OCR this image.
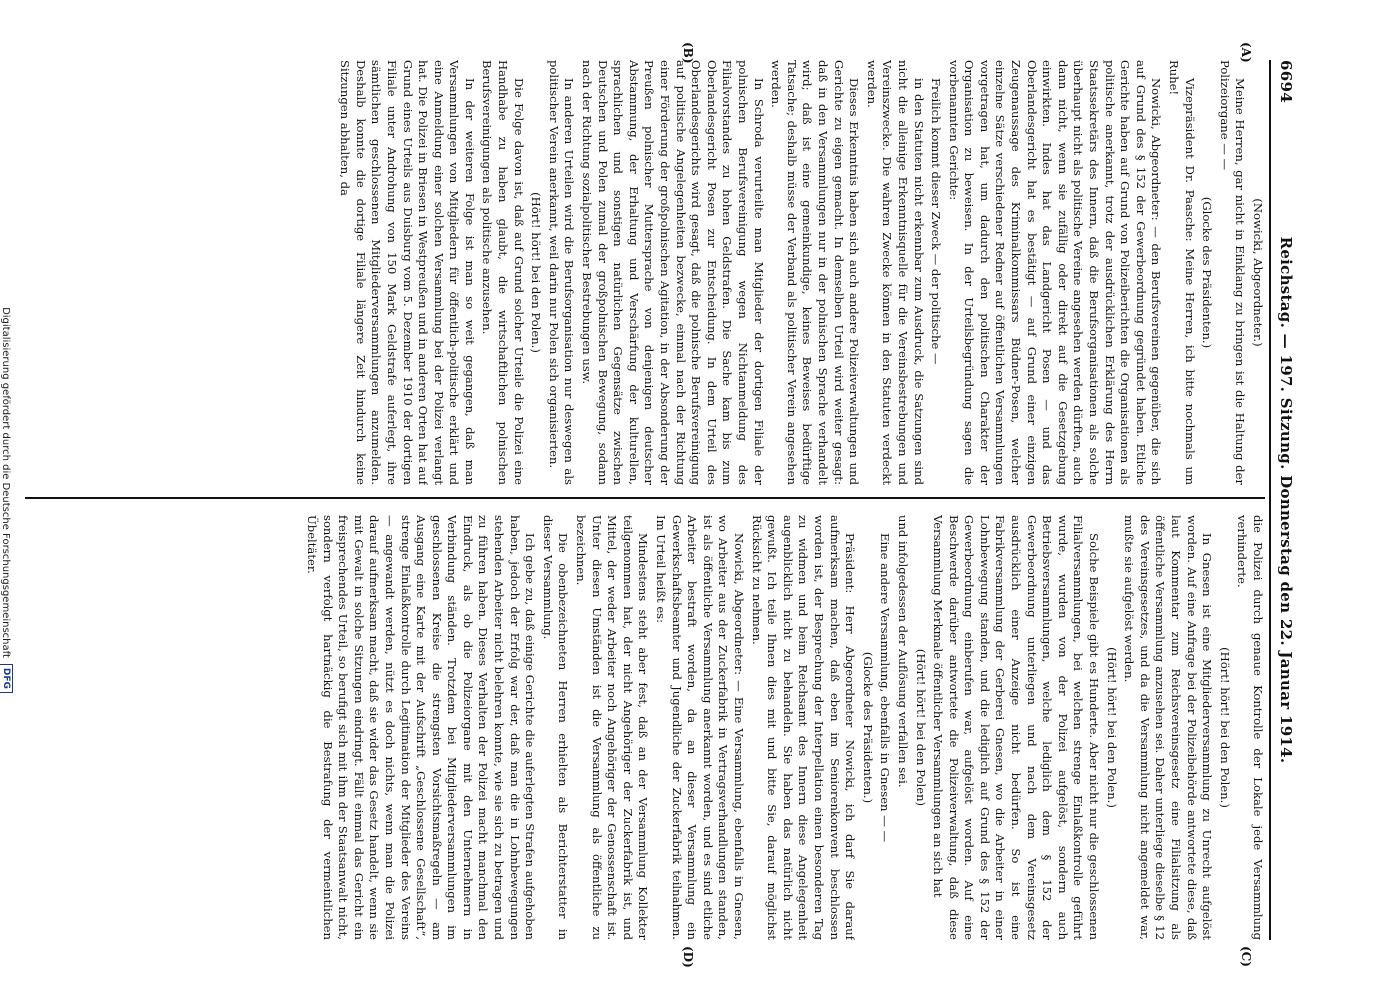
6694
Reichstag. — 197. Sitzung. Donnerstag den 22. Januar 1914.
(A)
(B)
(C)
(D)

(Nowicki, Abgeordneter.)

Meine Herren, gar nicht in Einklang zu bringen ist die Haltung der Polizeiorgane — —

(Glocke des Präsidenten.)

Vizepräsident Dr. Paasche: Meine Herren, ich bitte nochmals um Ruhe!

Nowicki, Abgeordneter: — den Berufsvereinen gegenüber, die sich auf Grund des § 152 der Gewerbeordnung gegründet haben. Etliche Gerichte haben auf Grund von Polizeiberichten die Organisationen als politische anerkannt, trotz der ausdrücklichen Erklärung des Herrn Staatssekretärs des Innern, daß die Berufsorganisationen als solche überhaupt nicht als politische Vereine angesehen werden dürften, auch dann nicht, wenn sie zufällig oder direkt auf die Gesetzgebung einwirkten. Indes hat das Landgericht Posen — und das Oberlandesgericht hat es bestätigt — auf Grund einer einzigen Zeugenaussage des Kriminalkommissars Büdner-Posen, welcher einzelne Sätze verschiedener Redner auf öffentlichen Versammlungen vorgetragen hat, um dadurch den politischen Charakter der Organisation zu beweisen. In der Urteilsbegründung sagen die vorbenannten Gerichte:

Freilich kommt dieser Zweck — der politische —

in den Statuten nicht erkennbar zum Ausdruck, die Satzungen sind nicht die alleinige Erkenntnisquelle für die Vereinsbestrebungen und Vereinszwecke. Die wahren Zwecke können in den Statuten verdeckt werden.

Dieses Erkenntnis haben sich auch andere Polizeiverwaltungen und Gerichte zu eigen gemacht. In demselben Urteil wird weiter gesagt: daß in den Versammlungen nur in der polnischen Sprache verhandelt wird; daß ist eine gemeinkundige, keines Beweises bedürftige Tatsache; deshalb müsse der Verband als politischer Verein angesehen werden.

In Schroda verurteilte man Mitglieder der dortigen Filiale der polnischen Berufsvereinigung wegen Nichtanmeldung des Filialvorstandes zu hohen Geldstrafen. Die Sache kam bis zum Oberlandesgericht Posen zur Entscheidung. In dem Urteil des Oberlandesgerichts wird gesagt, daß die polnische Berufsvereinigung auf politische Angelegenheiten bezwecke, einmal nach der Richtung einer Förderung der großpolnischen Agitation, in der Absonderung der Preußen polnischer Muttersprache von denjenigen deutscher Abstammung, der Erhaltung und Verschärfung der kulturellen, sprachlichen und sonstigen natürlichen Gegensätze zwischen Deutschen und Polen zumal der großpolnischen Bewegung, sodann nach der Richtung sozialpolitischer Bestrebungen usw.

In anderen Urteilen wird die Berufsorganisation nur deswegen als politischer Verein anerkannt, weil darin nur Polen sich organisierten.

(Hört! hört! bei den Polen.)

Die Folge davon ist, daß auf Grund solcher Urteile die Polizei eine Handhabe zu haben glaubt, die wirtschaftlichen polnischen Berufsvereinigungen als politische anzusehen.

In der weiteren Folge ist man so weit gegangen, daß man Versammlungen von Mitgliedern für öffentlich-politische erklärt und eine Anmeldung einer solchen Versammlung bei der Polizei verlangt hat. Die Polizei in Briesen in Westpreußen und in anderen Orten hat auf Grund eines Urteils aus Duisburg vom 5. Dezember 1910 der dortigen Filiale unter Androhung von 150 Mark Geldstrafe auferlegt, ihre sämtlichen geschlossenen Mitgliederversammlungen anzumelden. Deshalb konnte die dortige Filiale längere Zeit hindurch keine Sitzungen abhalten, da

die Polizei durch genaue Kontrolle der Lokale jede Versammlung verhinderte.

(Hört! hört! bei den Polen.)

In Gnesen ist eine Mitgliederversammlung zu Unrecht aufgelöst worden. Auf eine Anfrage bei der Polizeibehörde antwortete diese, daß laut Kommentar zum Reichsvereinsgesetz eine Filialsitzung als öffentliche Versammlung anzusehen sei. Daher unterliege dieselbe § 12 des Vereinsgesetzes, und da die Versammlung nicht angemeldet war, mußte sie aufgelöst werden.

(Hört! hört! bei den Polen.)

Solche Beispiele gibt es Hunderte. Aber nicht nur die geschlossenen Filialversammlungen, bei welchen strenge Einlaßkontrolle geführt wurde, wurden von der Polizei aufgelöst, sondern auch Betriebsversammlungen, welche lediglich dem § 152 der Gewerbeordnung unterliegen und nach dem Vereinsgesetz ausdrücklich einer Anzeige nicht bedürfen. So ist eine Fabrikversammlung der Gerberei Gnesen, wo die Arbeiter in einer Lohnbewegung standen, und die lediglich auf Grund des § 152 der Gewerbeordnung einberufen war, aufgelöst worden. Auf eine Beschwerde darüber antwortete die Polizeiverwaltung, daß diese Versammlung Merkmale öffentlicher Versammlungen an sich hat

(Hört! hört! bei den Polen)

und infolgedessen der Auflösung verfallen sei.

Eine andere Versammlung, ebenfalls in Gnesen — —

(Glocke des Präsidenten.)

Präsident: Herr Abgeordneter Nowicki, ich darf Sie darauf aufmerksam machen, daß eben im Seniorenkonvent beschlossen worden ist, der Besprechung der Interpellation einen besonderen Tag zu widmen und beim Reichsamt des Innern diese Angelegenheit augenblicklich nicht zu behandeln. Sie haben das natürlich nicht gewußt. Ich teile Ihnen dies mit und bitte Sie, darauf möglichst Rücksicht zu nehmen.

Nowicki, Abgeordneter: — Eine Versammlung, ebenfalls in Gnesen, wo Arbeiter aus der Zuckerfabrik in Vertragsverhandlungen standen, ist als öffentliche Versammlung anerkannt worden, und es sind etliche Arbeiter bestraft worden, da an dieser Versammlung ein Gewerkschaftsbeamter und Jugendliche der Zuckerfabrik teilnahmen. Im Urteil heißt es:

Mindestens steht aber fest, daß an der Versammlung Kollekter teilgenommen hat, der nicht Angehöriger der Zuckerfabrik ist, und Mittel, der weder Arbeiter noch Angehöriger der Genossenschaft ist. Unter diesen Umständen ist die Versammlung als öffentliche zu bezeichnen.

Die obenbezeichneten Herren erhielten als Berichterstatter in dieser Versammlung.

Ich gebe zu, daß einige Gerichte die auferlegten Strafen aufgehoben haben, jedoch der Erfolg war der, daß man die in Lohnbewegungen stehenden Arbeiter nicht belehren konnte, wie sie sich zu betragen und zu führen haben. Dieses Verhalten der Polizei macht manchmal den Eindruck, als ob die Polizeiorgane mit den Unternehmern in Verbindung ständen. Trotzdem bei Mitgliederversammlungen im geschlossenen Kreise die strengsten Vorsichtsmaßregeln — am Ausgang eine Karte mit der Aufschrift „Geschlossene Gesellschaft“, strenge Einlaßkontrolle durch Legitimation der Mitglieder des Vereins — angewandt werden, nützt es doch nichts, wenn man die Polizei darauf aufmerksam macht, daß sie wider das Gesetz handelt, wenn sie mit Gewalt in solche Sitzungen eindringt. Fällt einmal das Gericht ein freisprechendes Urteil, so berufigt sich mit ihm der Staatsanwalt nicht, sondern verfolgt hartnäckig die Bestrafung der vermeintlichen Übeltäter.

Digitalisierung gefördert durch die Deutsche Forschungsgemeinschaft
DFG
